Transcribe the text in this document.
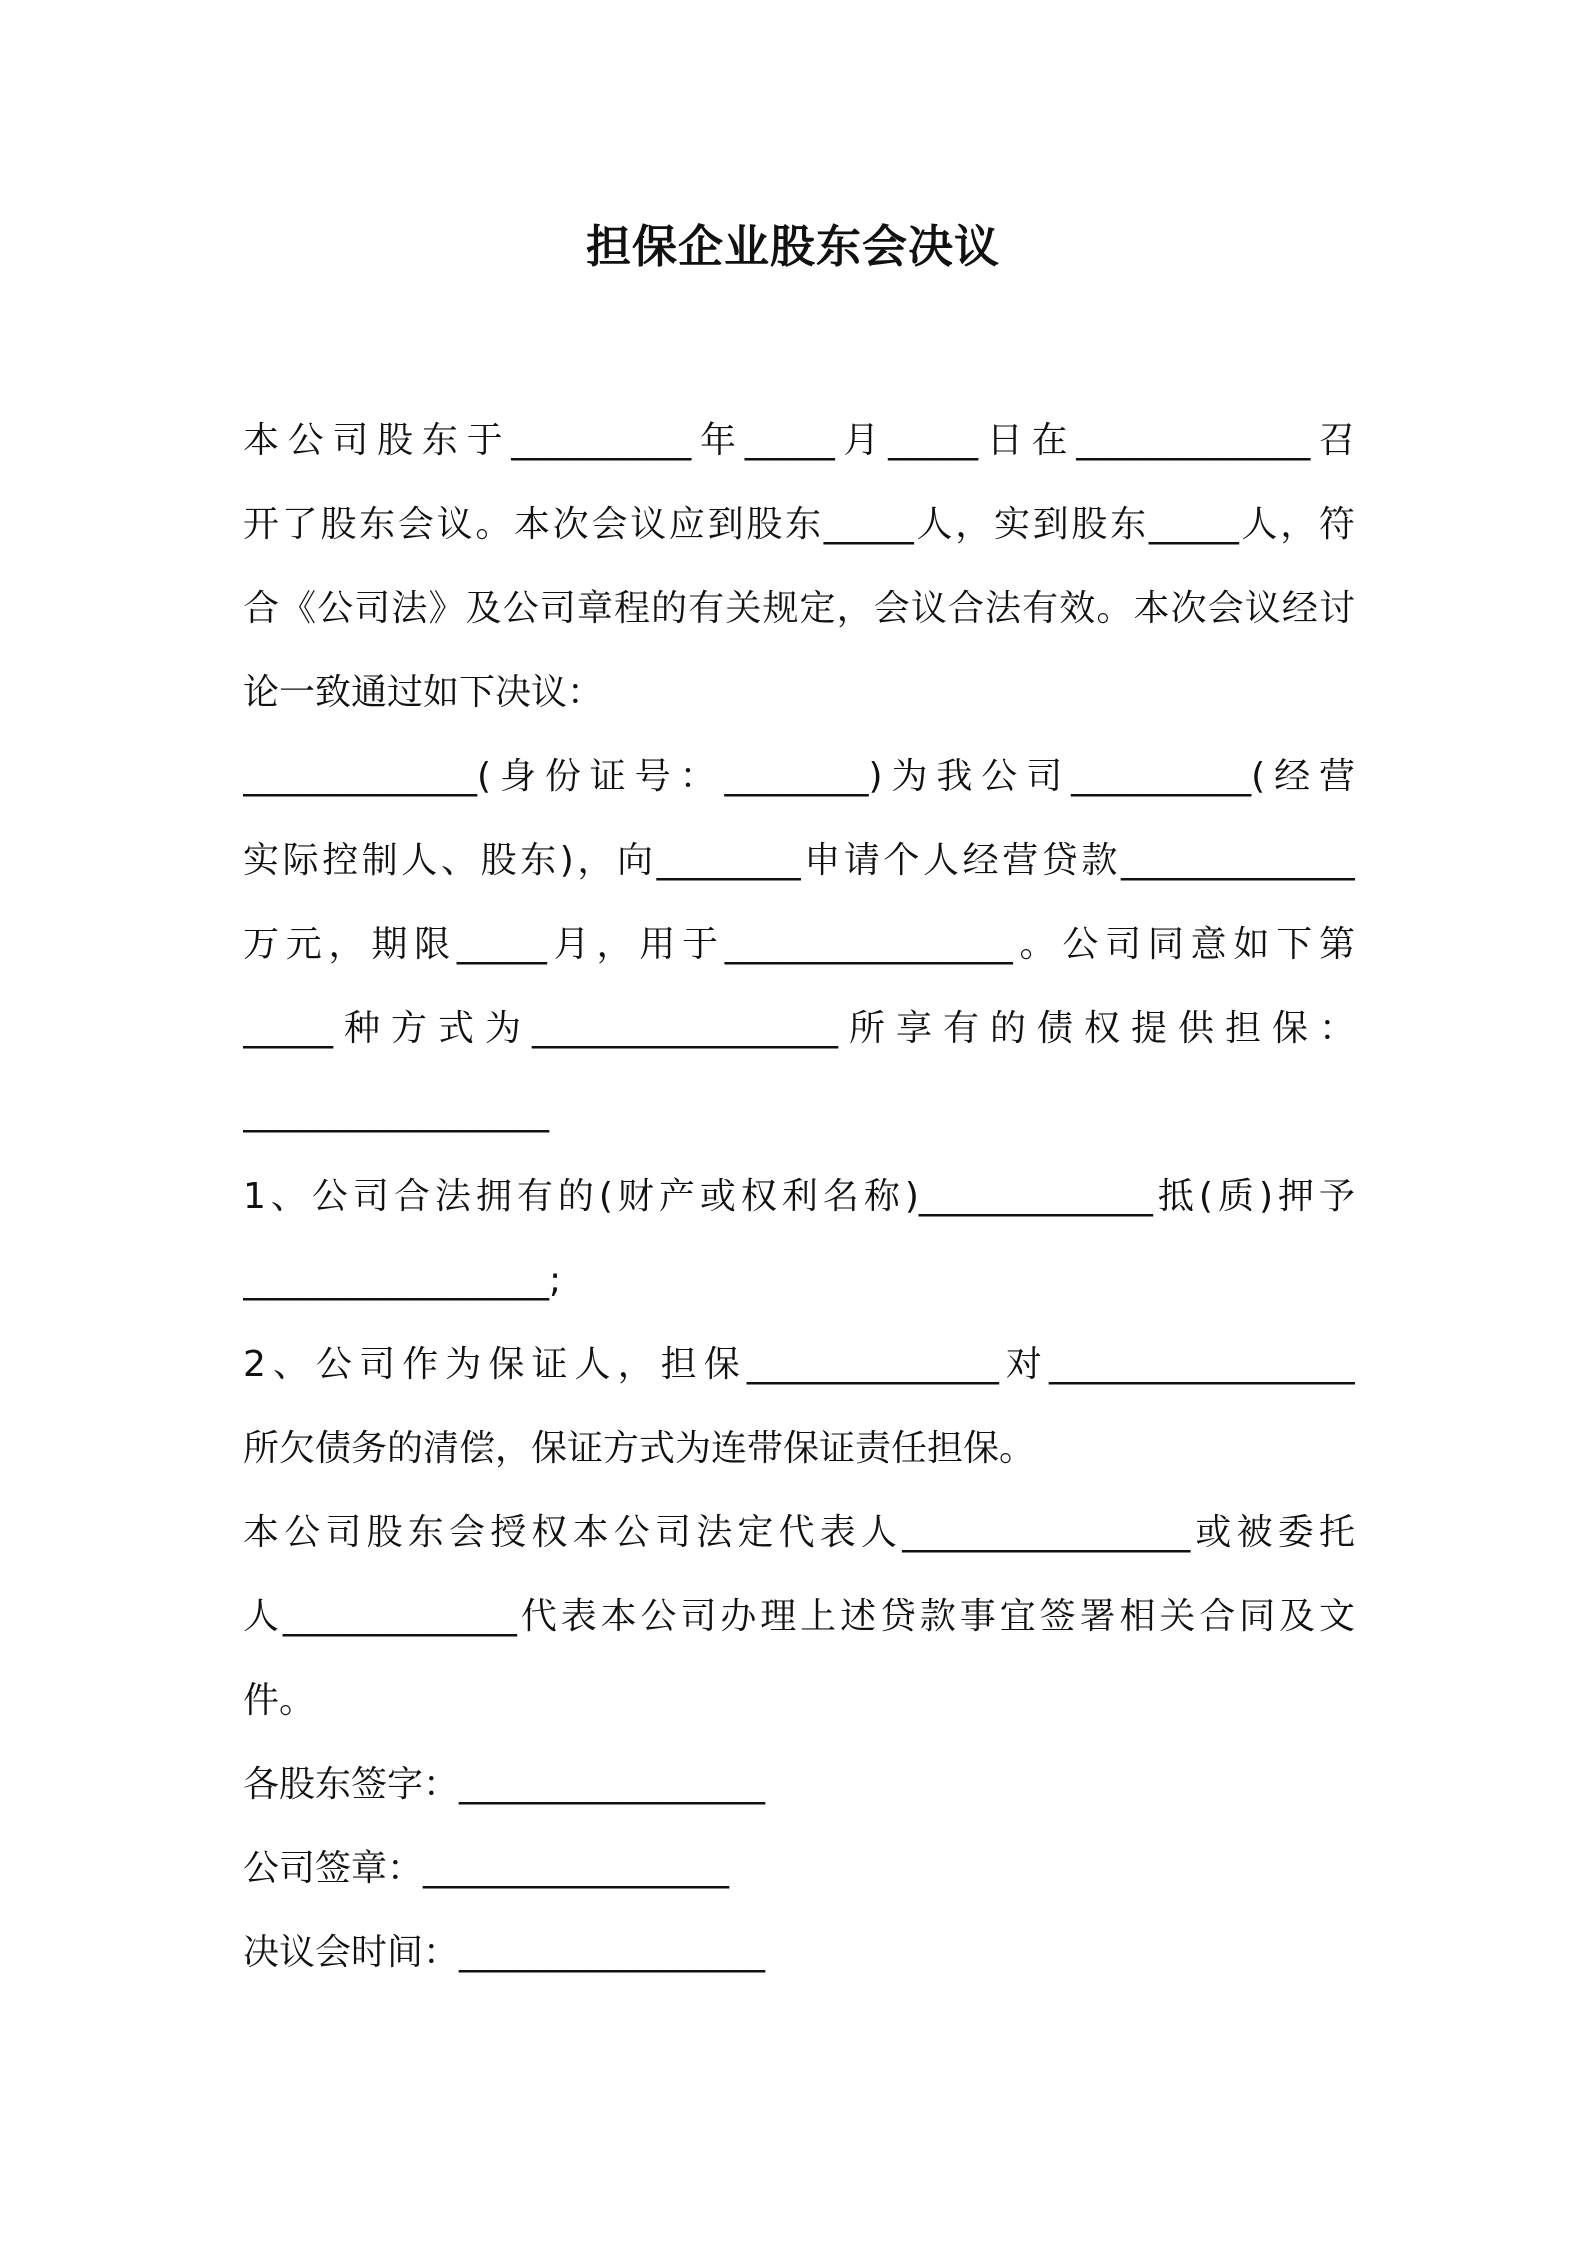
担保企业股东会决议
本公司股东于__________年_____月_____日在_____________召
开了股东会议。本次会议应到股东_____人，实到股东_____人，符
合《公司法》及公司章程的有关规定，会议合法有效。本次会议经讨
论一致通过如下决议：
_____________(身份证号：________)为我公司__________(经营
实际控制人、股东)，向________申请个人经营贷款_____________
万元，期限_____月，用于________________。公司同意如下第
_____种方式为_________________所享有的债权提供担保：
_________________
1、公司合法拥有的(财产或权利名称)_____________抵(质)押予
_________________;
2、公司作为保证人，担保______________对_________________
所欠债务的清偿，保证方式为连带保证责任担保。
本公司股东会授权本公司法定代表人________________或被委托
人_____________代表本公司办理上述贷款事宜签署相关合同及文
件。
各股东签字：_________________
公司签章：_________________
决议会时间：_________________
